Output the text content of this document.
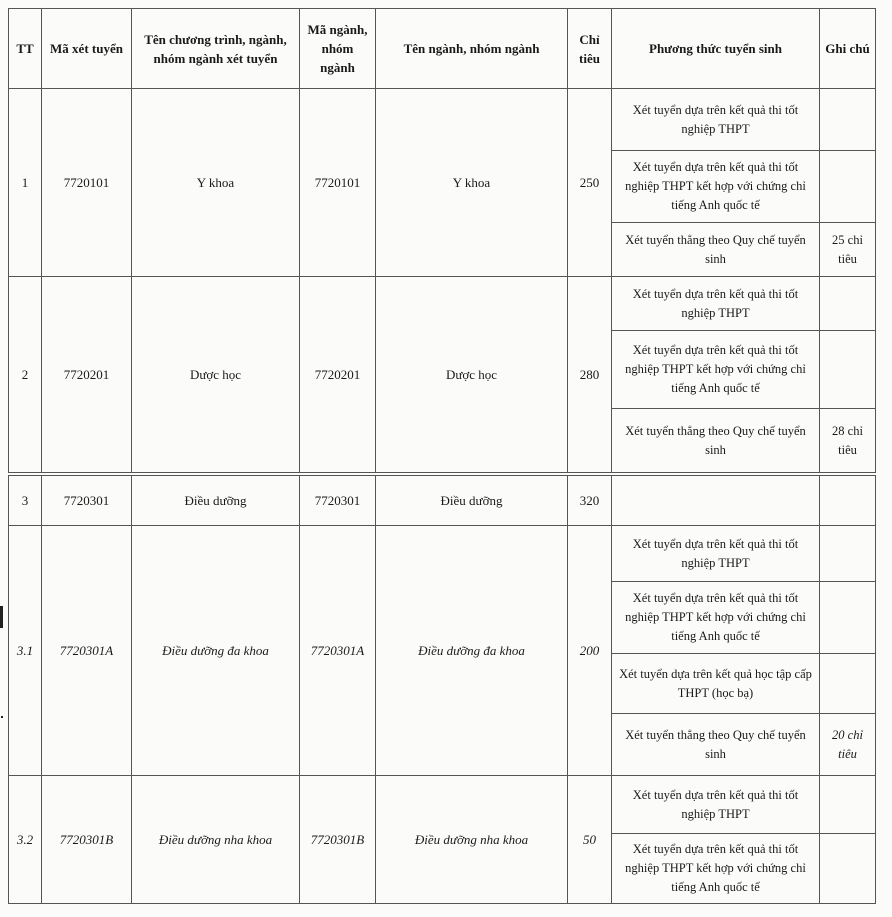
TT	Mã xét tuyển	Tên chương trình, ngành, nhóm ngành xét tuyển	Mã ngành, nhóm ngành	Tên ngành, nhóm ngành	Chỉ tiêu	Phương thức tuyển sinh	Ghi chú
1	7720101	Y khoa	7720101	Y khoa	250	Xét tuyển dựa trên kết quả thi tốt nghiệp THPT	
						Xét tuyển dựa trên kết quả thi tốt nghiệp THPT kết hợp với chứng chỉ tiếng Anh quốc tế	
						Xét tuyển thẳng theo Quy chế tuyển sinh	25 chỉ tiêu
2	7720201	Dược học	7720201	Dược học	280	Xét tuyển dựa trên kết quả thi tốt nghiệp THPT	
						Xét tuyển dựa trên kết quả thi tốt nghiệp THPT kết hợp với chứng chỉ tiếng Anh quốc tế	
						Xét tuyển thẳng theo Quy chế tuyển sinh	28 chỉ tiêu
3	7720301	Điều dưỡng	7720301	Điều dưỡng	320		
3.1	7720301A	Điều dưỡng đa khoa	7720301A	Điều dưỡng đa khoa	200	Xét tuyển dựa trên kết quả thi tốt nghiệp THPT	
						Xét tuyển dựa trên kết quả thi tốt nghiệp THPT kết hợp với chứng chỉ tiếng Anh quốc tế	
						Xét tuyển dựa trên kết quả học tập cấp THPT (học bạ)	
						Xét tuyển thẳng theo Quy chế tuyển sinh	20 chỉ tiêu
3.2	7720301B	Điều dưỡng nha khoa	7720301B	Điều dưỡng nha khoa	50	Xét tuyển dựa trên kết quả thi tốt nghiệp THPT	
						Xét tuyển dựa trên kết quả thi tốt nghiệp THPT kết hợp với chứng chỉ tiếng Anh quốc tế	
